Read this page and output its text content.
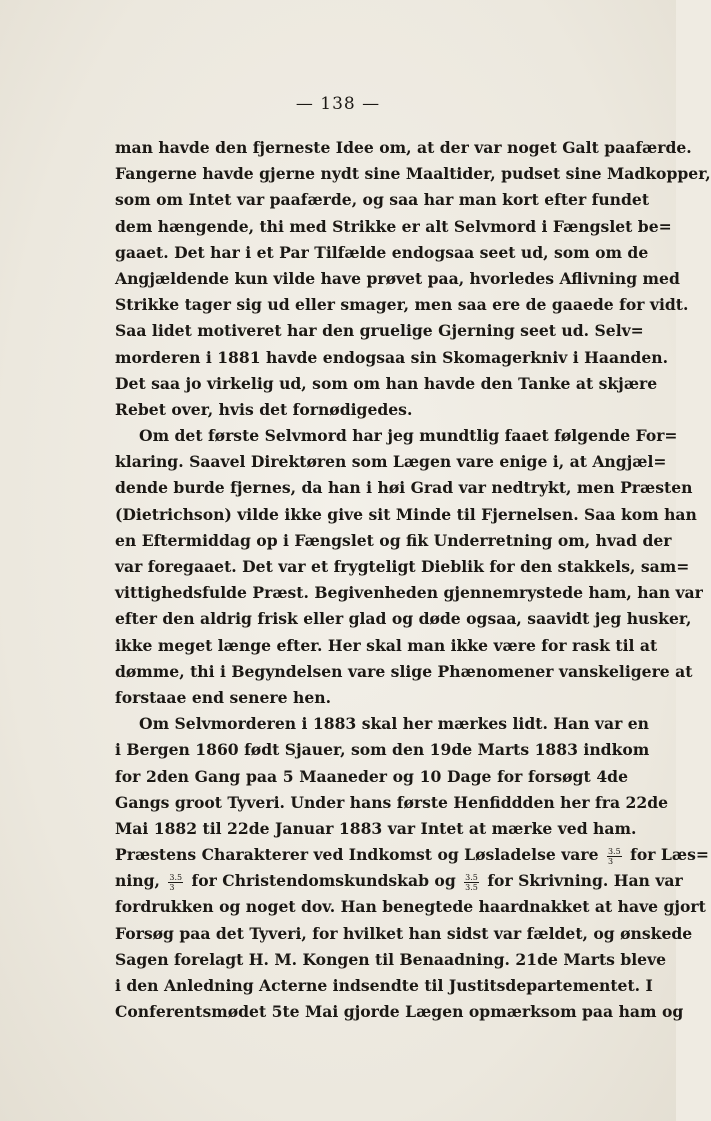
— 138 —
man havde den fjerneste Idee om, at der var noget Galt paafærde.
Fangerne havde gjerne nydt sine Maaltider, pudset sine Madkopper,
som om Intet var paafærde, og saa har man kort efter fundet
dem hængende, thi med Strikke er alt Selvmord i Fængslet be=
gaaet. Det har i et Par Tilfælde endogsaa seet ud, som om de
Angjældende kun vilde have prøvet paa, hvorledes Aflivning med
Strikke tager sig ud eller smager, men saa ere de gaaede for vidt.
Saa lidet motiveret har den gruelige Gjerning seet ud. Selv=
morderen i 1881 havde endogsaa sin Skomagerkniv i Haanden.
Det saa jo virkelig ud, som om han havde den Tanke at skjære
Rebet over, hvis det fornødigedes.
Om det første Selvmord har jeg mundtlig faaet følgende For=
klaring. Saavel Direktøren som Lægen vare enige i, at Angjæl=
dende burde fjernes, da han i høi Grad var nedtrykt, men Præsten
(Dietrichson) vilde ikke give sit Minde til Fjernelsen. Saa kom han
en Eftermiddag op i Fængslet og fik Underretning om, hvad der
var foregaaet. Det var et frygteligt Dieblik for den stakkels, sam=
vittighedsfulde Præst. Begivenheden gjennemrystede ham, han var
efter den aldrig frisk eller glad og døde ogsaa, saavidt jeg husker,
ikke meget længe efter. Her skal man ikke være for rask til at
dømme, thi i Begyndelsen vare slige Phænomener vanskeligere at
forstaae end senere hen.
Om Selvmorderen i 1883 skal her mærkes lidt. Han var en
i Bergen 1860 født Sjauer, som den 19de Marts 1883 indkom
for 2den Gang paa 5 Maaneder og 10 Dage for forsøgt 4de
Gangs groot Tyveri. Under hans første Henfiddden her fra 22de
Mai 1882 til 22de Januar 1883 var Intet at mærke ved ham.
Præstens Charakterer ved Indkomst og Løsladelse vare $\frac{3.5}{3}$ for Læs=
ning, $\frac{3.5}{3}$ for Christendomskundskab og $\frac{3.5}{3.5}$ for Skrivning. Han var
fordrukken og noget dov. Han benegtede haardnakket at have gjort
Forsøg paa det Tyveri, for hvilket han sidst var fældet, og ønskede
Sagen forelagt H. M. Kongen til Benaadning. 21de Marts bleve
i den Anledning Acterne indsendte til Justitsdepartementet. I
Conferentsmødet 5te Mai gjorde Lægen opmærksom paa ham og
